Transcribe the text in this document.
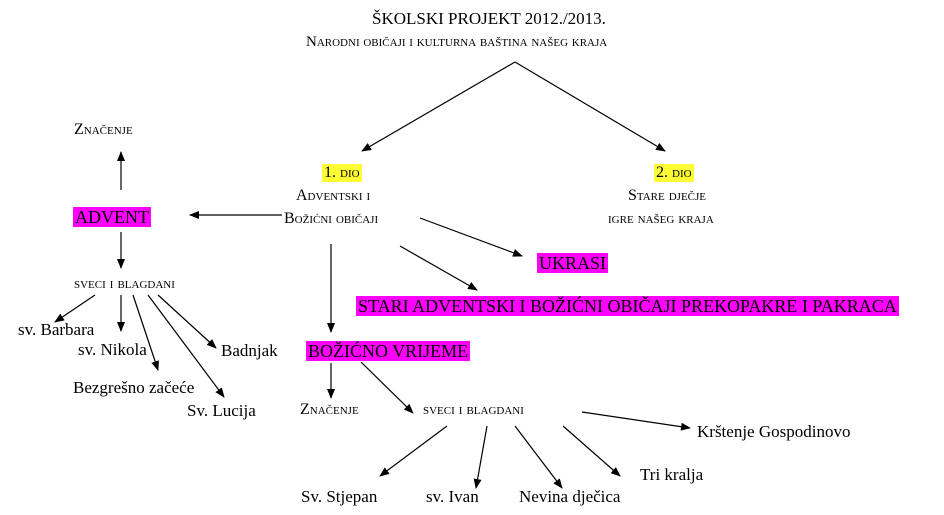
ŠKOLSKI PROJEKT 2012./2013.
Narodni običaji i kulturna baština našeg kraja
1. dio
Adventski i
Božićni običaji
2. dio
Stare dječje
igre našeg kraja
Značenje
ADVENT
sveci i blagdani
sv. Barbara
sv. Nikola
Bezgrešno začeće
Sv. Lucija
Badnjak
UKRASI
STARI ADVENTSKI I BOŽIĆNI OBIČAJI PREKOPAKRE I PAKRACA
BOŽIĆNO VRIJEME
Značenje	sveci i blagdani
Krštenje Gospodinovo
Tri kralja
Nevina dječica
sv. Ivan
Sv. Stjepan
